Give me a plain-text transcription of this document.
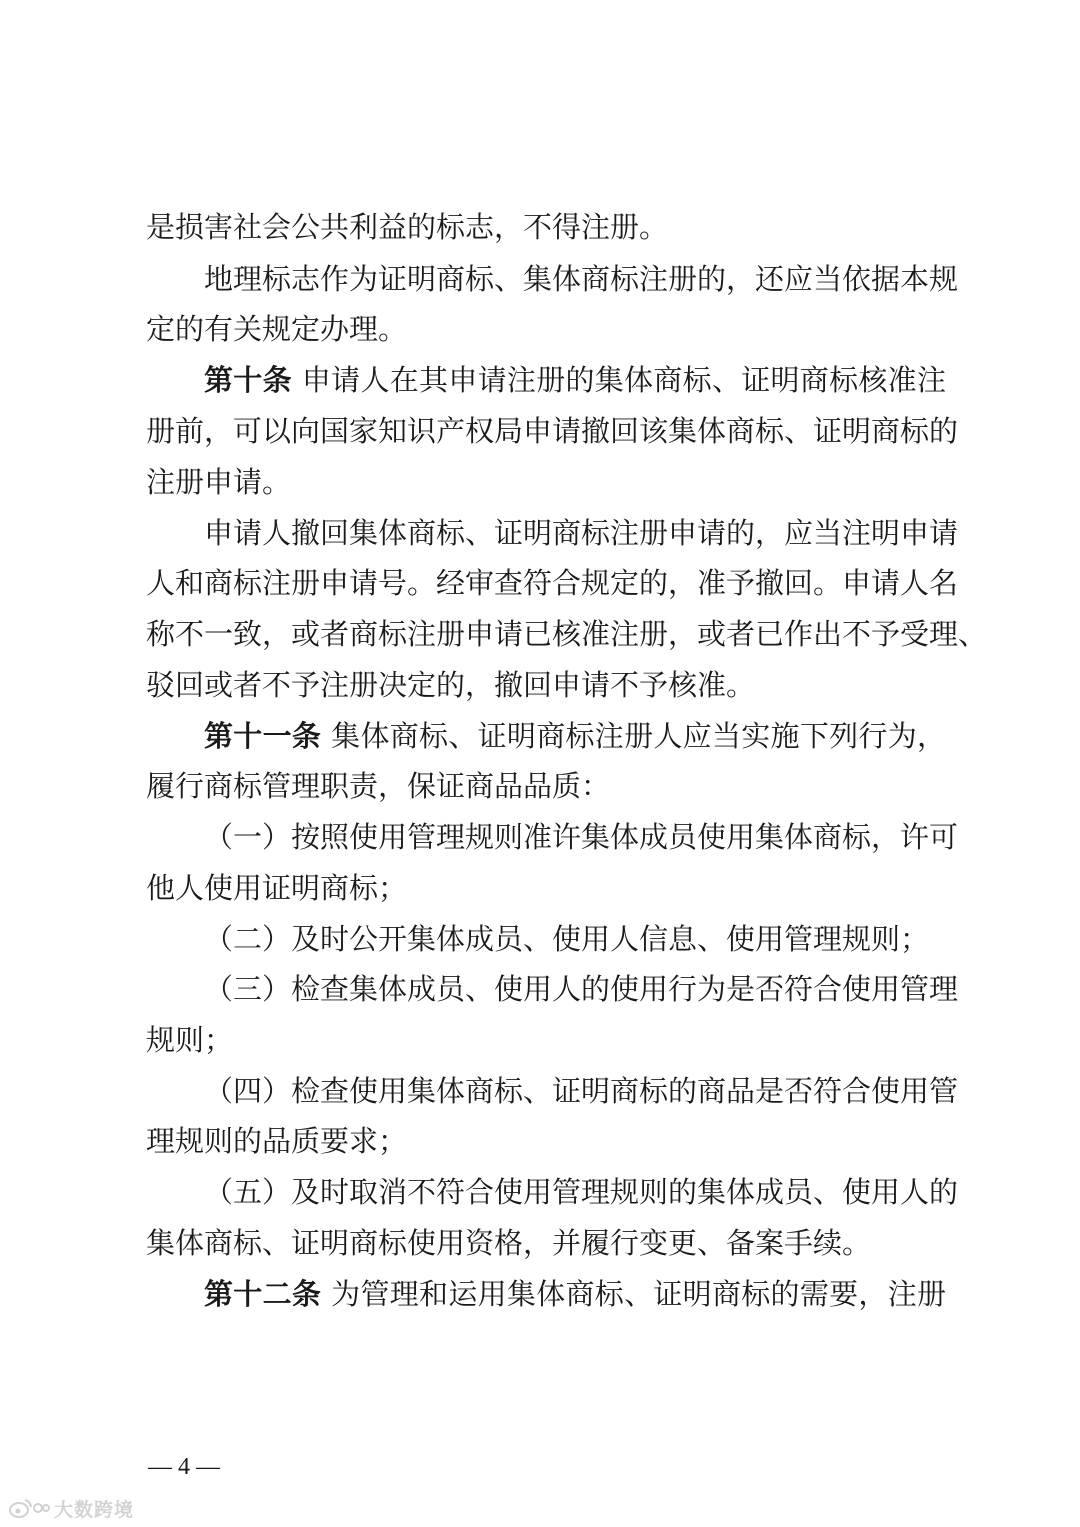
是损害社会公共利益的标志，不得注册。
地理标志作为证明商标、集体商标注册的，还应当依据本规
定的有关规定办理。
第十条 申请人在其申请注册的集体商标、证明商标核准注
册前，可以向国家知识产权局申请撤回该集体商标、证明商标的
注册申请。
申请人撤回集体商标、证明商标注册申请的，应当注明申请
人和商标注册申请号。经审查符合规定的，准予撤回。申请人名
称不一致，或者商标注册申请已核准注册，或者已作出不予受理、
驳回或者不予注册决定的，撤回申请不予核准。
第十一条 集体商标、证明商标注册人应当实施下列行为，
履行商标管理职责，保证商品品质：
（一）按照使用管理规则准许集体成员使用集体商标，许可
他人使用证明商标；
（二）及时公开集体成员、使用人信息、使用管理规则；
（三）检查集体成员、使用人的使用行为是否符合使用管理
规则；
（四）检查使用集体商标、证明商标的商品是否符合使用管
理规则的品质要求；
（五）及时取消不符合使用管理规则的集体成员、使用人的
集体商标、证明商标使用资格，并履行变更、备案手续。
第十二条 为管理和运用集体商标、证明商标的需要，注册
— 4 —
大数跨境
